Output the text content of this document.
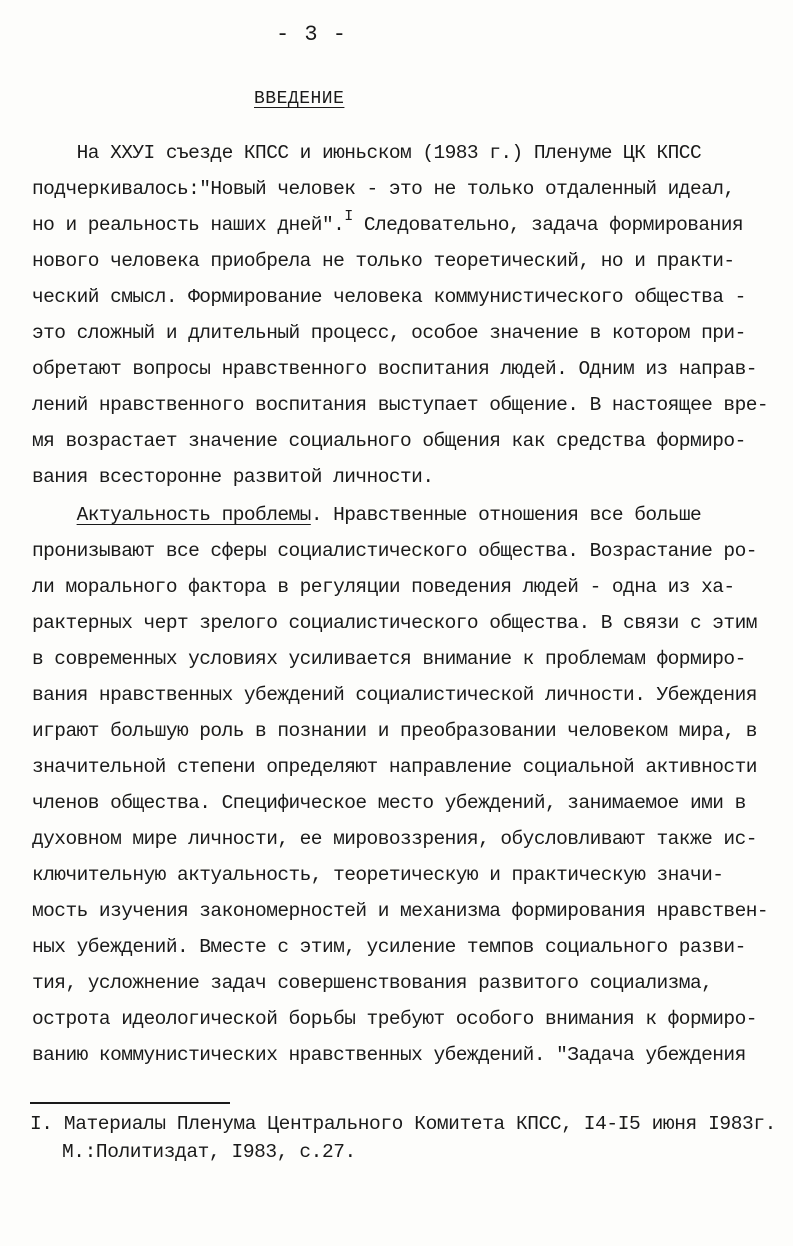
- 3 -
ВВЕДЕНИЕ
На ХХУІ съезде КПСС и июньском (1983 г.) Пленуме ЦК КПСС
подчеркивалось:"Новый человек - это не только отдаленный идеал,
но и реальность наших дней".$^I$ Следовательно, задача формирования
нового человека приобрела не только теоретический, но и практи-
ческий смысл. Формирование человека коммунистического общества -
это сложный и длительный процесс, особое значение в котором при-
обретают вопросы нравственного воспитания людей. Одним из направ-
лений нравственного воспитания выступает общение. В настоящее вре-
мя возрастает значение социального общения как средства формиро-
вания всесторонне развитой личности.
Актуальность проблемы. Нравственные отношения все больше
пронизывают все сферы социалистического общества. Возрастание ро-
ли морального фактора в регуляции поведения людей - одна из ха-
рактерных черт зрелого социалистического общества. В связи с этим
в современных условиях усиливается внимание к проблемам формиро-
вания нравственных убеждений социалистической личности. Убеждения
играют большую роль в познании и преобразовании человеком мира, в
значительной степени определяют направление социальной активности
членов общества. Специфическое место убеждений, занимаемое ими в
духовном мире личности, ее мировоззрения, обусловливают также ис-
ключительную актуальность, теоретическую и практическую значи-
мость изучения закономерностей и механизма формирования нравствен-
ных убеждений. Вместе с этим, усиление темпов социального разви-
тия, усложнение задач совершенствования развитого социализма,
острота идеологической борьбы требуют особого внимания к формиро-
ванию коммунистических нравственных убеждений. "Задача убеждения
I. Материалы Пленума Центрального Комитета КПСС, I4-I5 июня I983г.
М.:Политиздат, I983, с.27.
